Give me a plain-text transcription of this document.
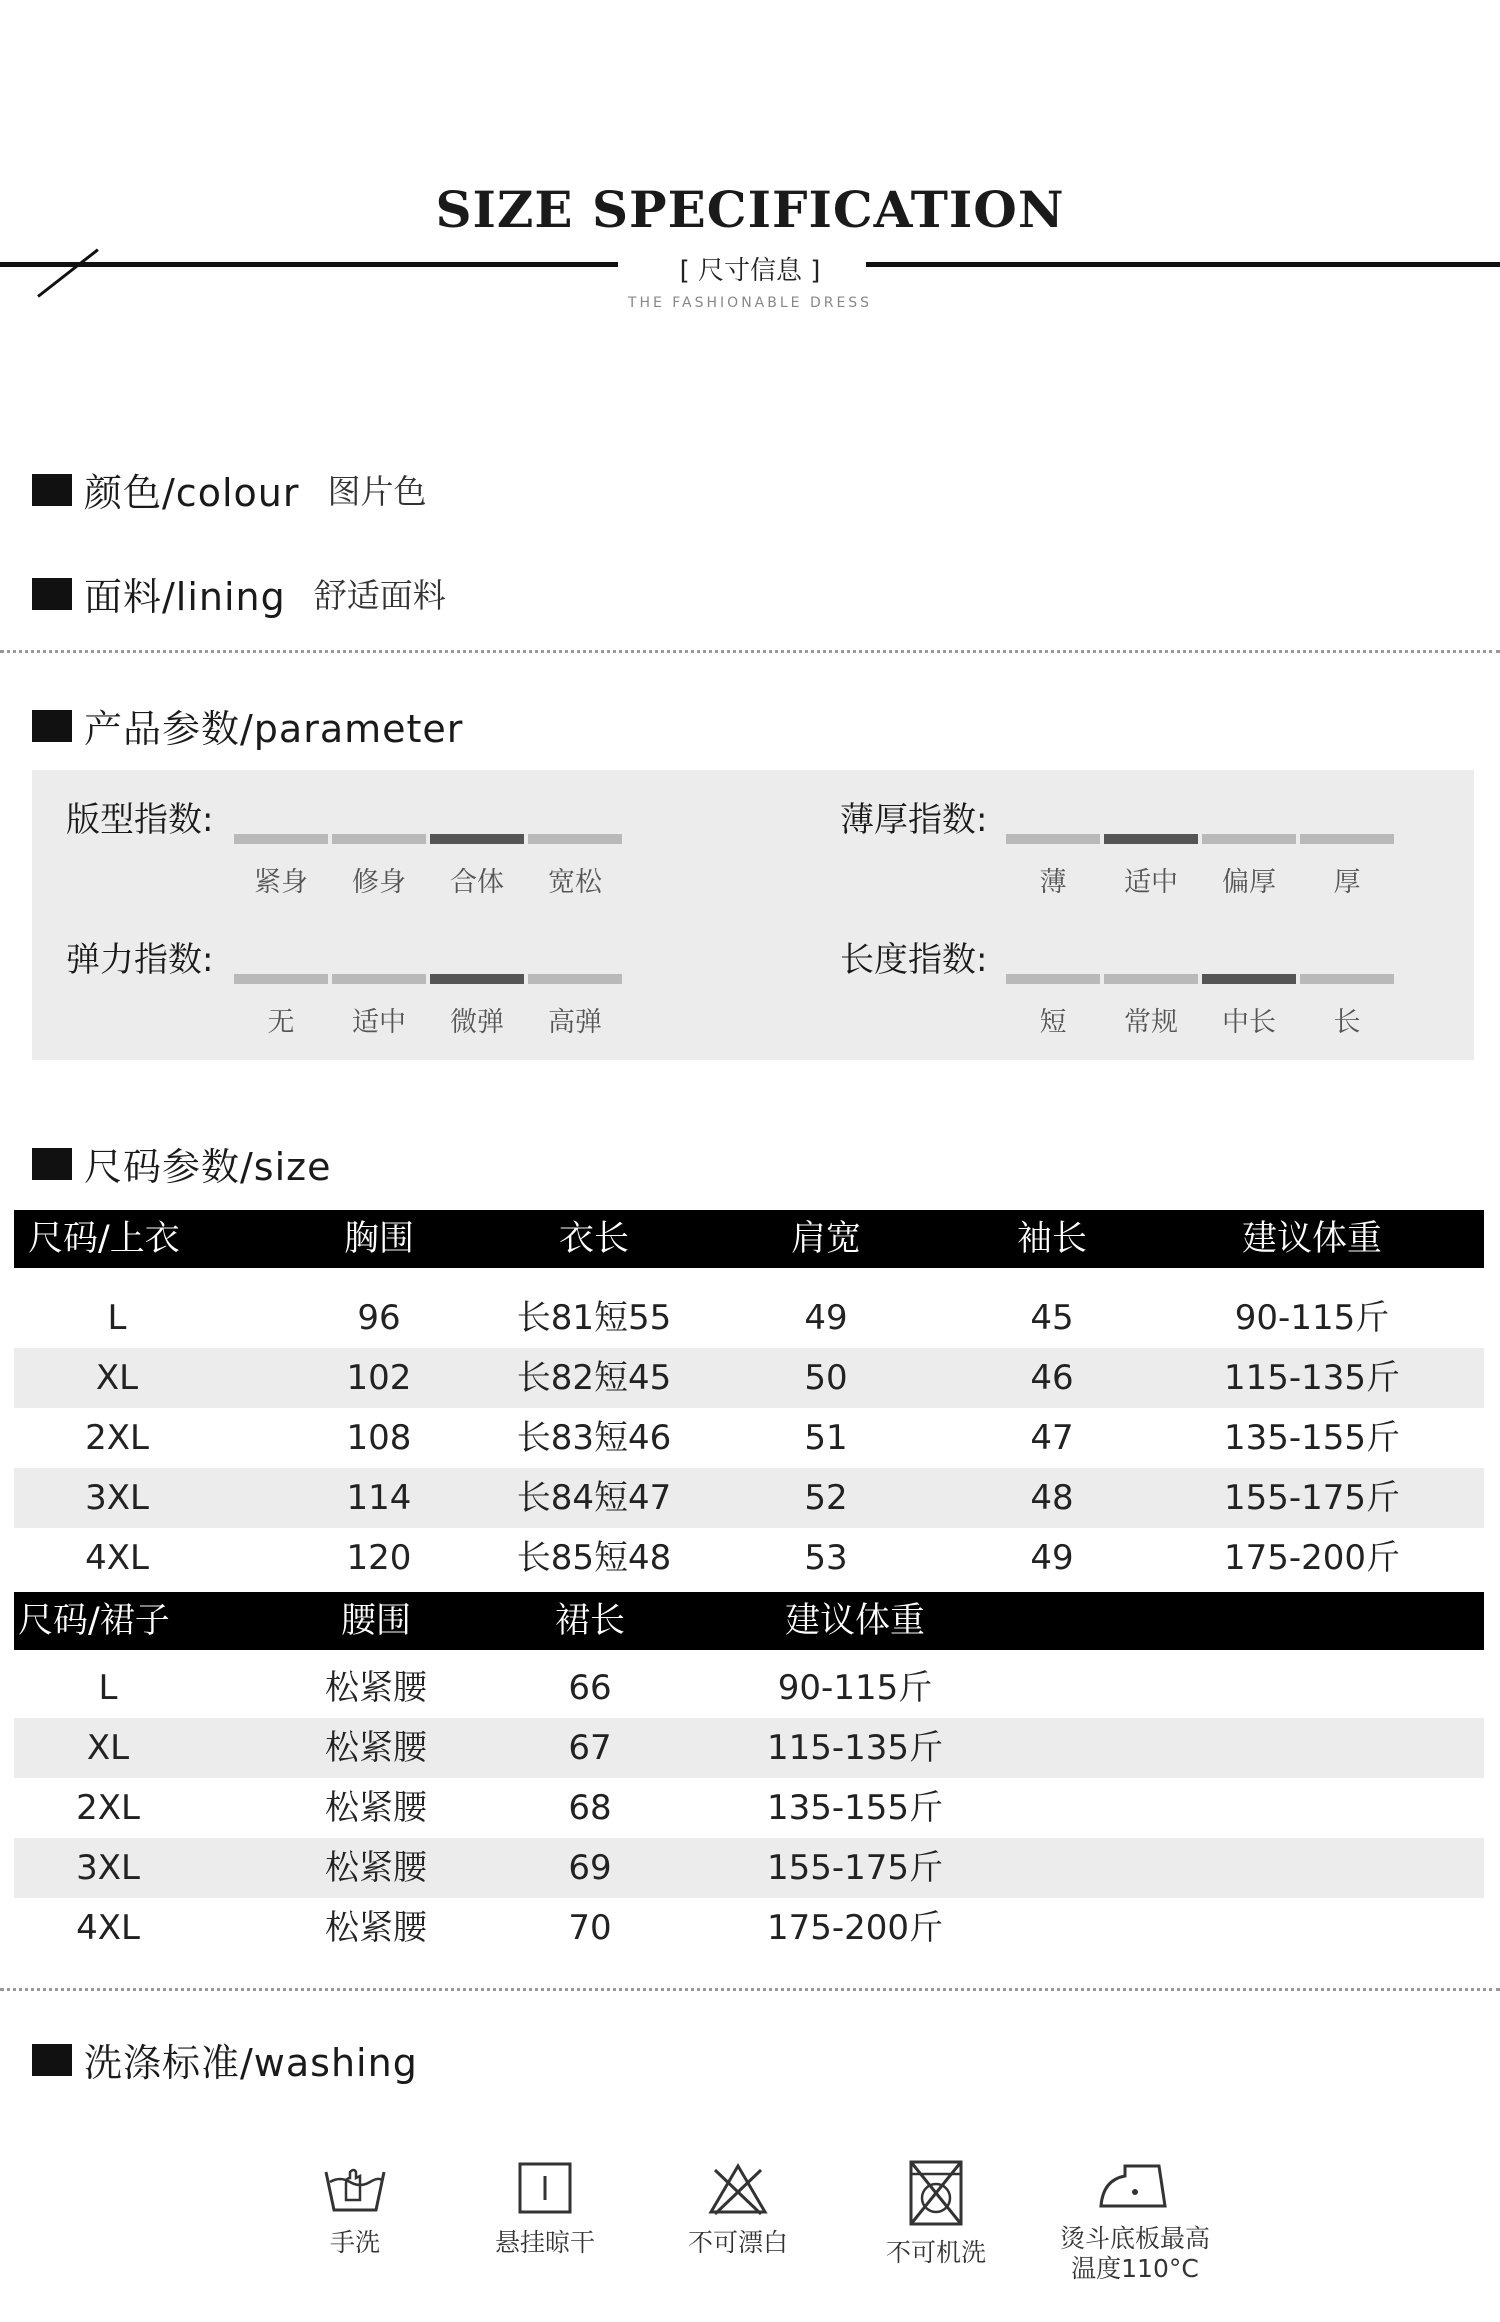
SIZE SPECIFICATION
[ 尺寸信息 ]
THE FASHIONABLE DRESS
颜色/colour 图片色
面料/lining 舒适面料
产品参数/parameter
版型指数:
紧身	修身	合体	宽松
薄厚指数:
薄	适中	偏厚	厚
弹力指数:
无	适中	微弹	高弹
长度指数:
短	常规	中长	长
尺码参数/size
尺码/上衣	胸围	衣长	肩宽	袖长	建议体重
L	96	长81短55	49	45	90-115斤
XL	102	长82短45	50	46	115-135斤
2XL	108	长83短46	51	47	135-155斤
3XL	114	长84短47	52	48	155-175斤
4XL	120	长85短48	53	49	175-200斤
尺码/裙子	腰围	裙长	建议体重
L	松紧腰	66	90-115斤
XL	松紧腰	67	115-135斤
2XL	松紧腰	68	135-155斤
3XL	松紧腰	69	155-175斤
4XL	松紧腰	70	175-200斤
洗涤标准/washing
手洗	悬挂晾干	不可漂白	不可机洗	烫斗底板最高
温度110°C
